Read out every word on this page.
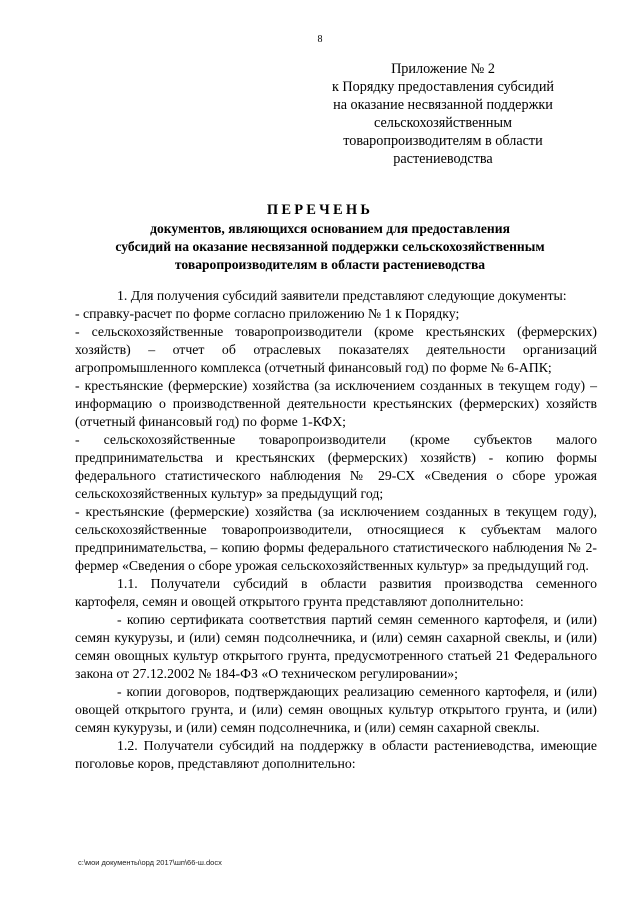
8
Приложение № 2
к Порядку предоставления субсидий
на оказание несвязанной поддержки
сельскохозяйственным
товаропроизводителям в области
растениеводства
ПЕРЕЧЕНЬ
документов, являющихся основанием для предоставления
субсидий на оказание несвязанной поддержки сельскохозяйственным
товаропроизводителям в области растениеводства

1. Для получения субсидий заявители представляют следующие документы:

- справку-расчет по форме согласно приложению № 1 к Порядку;

- сельскохозяйственные товаропроизводители (кроме крестьянских (фермерских) хозяйств) – отчет об отраслевых показателях деятельности организаций агропромышленного комплекса (отчетный финансовый год) по форме № 6-АПК;

- крестьянские (фермерские) хозяйства (за исключением созданных в текущем году) – информацию о производственной деятельности крестьянских (фермерских) хозяйств (отчетный финансовый год) по форме 1-КФХ;

- сельскохозяйственные товаропроизводители (кроме субъектов малого предпринимательства и крестьянских (фермерских) хозяйств) - копию формы федерального статистического наблюдения № 29-СХ «Сведения о сборе урожая сельскохозяйственных культур» за предыдущий год;

- крестьянские (фермерские) хозяйства (за исключением созданных в текущем году), сельскохозяйственные товаропроизводители, относящиеся к субъектам малого предпринимательства, – копию формы федерального статистического наблюдения № 2-фермер «Сведения о сборе урожая сельскохозяйственных культур» за предыдущий год.

1.1. Получатели субсидий в области развития производства семенного картофеля, семян и овощей открытого грунта представляют дополнительно:

- копию сертификата соответствия партий семян семенного картофеля, и (или) семян кукурузы, и (или) семян подсолнечника, и (или) семян сахарной свеклы, и (или) семян овощных культур открытого грунта, предусмотренного статьей 21 Федерального закона от 27.12.2002 № 184-ФЗ «О техническом регулировании»;

- копии договоров, подтверждающих реализацию семенного картофеля, и (или) овощей открытого грунта, и (или) семян овощных культур открытого грунта, и (или) семян кукурузы, и (или) семян подсолнечника, и (или) семян сахарной свеклы.

1.2. Получатели субсидий на поддержку в области растениеводства, имеющие поголовье коров, представляют дополнительно:

c:\мои документы\орд 2017\шп\66-ш.docx
